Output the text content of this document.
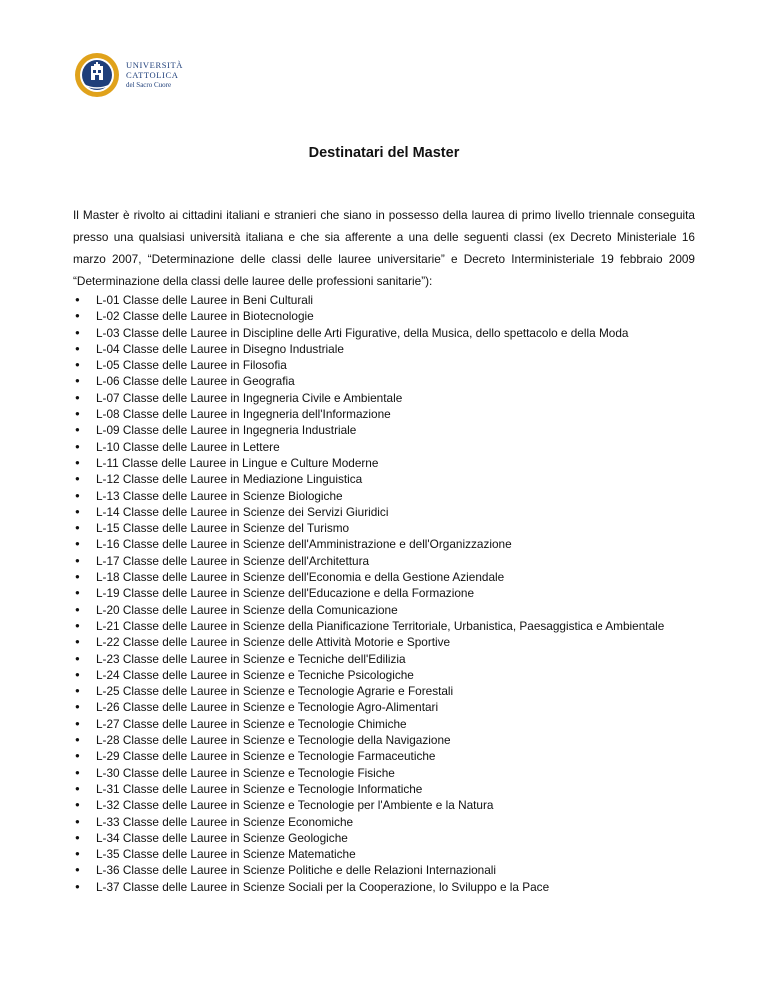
UNIVERSITÀ
CATTOLICA
del Sacro Cuore
Destinatari del Master

Il Master è rivolto ai cittadini italiani e stranieri che siano in possesso della laurea di primo livello triennale conseguita presso una qualsiasi università italiana e che sia afferente a una delle seguenti classi (ex Decreto Ministeriale 16 marzo 2007, “Determinazione delle classi delle lauree universitarie” e Decreto Interministeriale 19 febbraio 2009 “Determinazione della classi delle lauree delle professioni sanitarie”):

● L-01 Classe delle Lauree in Beni Culturali
● L-02 Classe delle Lauree in Biotecnologie
● L-03 Classe delle Lauree in Discipline delle Arti Figurative, della Musica, dello spettacolo e della Moda
● L-04 Classe delle Lauree in Disegno Industriale
● L-05 Classe delle Lauree in Filosofia
● L-06 Classe delle Lauree in Geografia
● L-07 Classe delle Lauree in Ingegneria Civile e Ambientale
● L-08 Classe delle Lauree in Ingegneria dell'Informazione
● L-09 Classe delle Lauree in Ingegneria Industriale
● L-10 Classe delle Lauree in Lettere
● L-11 Classe delle Lauree in Lingue e Culture Moderne
● L-12 Classe delle Lauree in Mediazione Linguistica
● L-13 Classe delle Lauree in Scienze Biologiche
● L-14 Classe delle Lauree in Scienze dei Servizi Giuridici
● L-15 Classe delle Lauree in Scienze del Turismo
● L-16 Classe delle Lauree in Scienze dell'Amministrazione e dell'Organizzazione
● L-17 Classe delle Lauree in Scienze dell'Architettura
● L-18 Classe delle Lauree in Scienze dell'Economia e della Gestione Aziendale
● L-19 Classe delle Lauree in Scienze dell'Educazione e della Formazione
● L-20 Classe delle Lauree in Scienze della Comunicazione
● L-21 Classe delle Lauree in Scienze della Pianificazione Territoriale, Urbanistica, Paesaggistica e Ambientale
● L-22 Classe delle Lauree in Scienze delle Attività Motorie e Sportive
● L-23 Classe delle Lauree in Scienze e Tecniche dell'Edilizia
● L-24 Classe delle Lauree in Scienze e Tecniche Psicologiche
● L-25 Classe delle Lauree in Scienze e Tecnologie Agrarie e Forestali
● L-26 Classe delle Lauree in Scienze e Tecnologie Agro-Alimentari
● L-27 Classe delle Lauree in Scienze e Tecnologie Chimiche
● L-28 Classe delle Lauree in Scienze e Tecnologie della Navigazione
● L-29 Classe delle Lauree in Scienze e Tecnologie Farmaceutiche
● L-30 Classe delle Lauree in Scienze e Tecnologie Fisiche
● L-31 Classe delle Lauree in Scienze e Tecnologie Informatiche
● L-32 Classe delle Lauree in Scienze e Tecnologie per l'Ambiente e la Natura
● L-33 Classe delle Lauree in Scienze Economiche
● L-34 Classe delle Lauree in Scienze Geologiche
● L-35 Classe delle Lauree in Scienze Matematiche
● L-36 Classe delle Lauree in Scienze Politiche e delle Relazioni Internazionali
● L-37 Classe delle Lauree in Scienze Sociali per la Cooperazione, lo Sviluppo e la Pace
